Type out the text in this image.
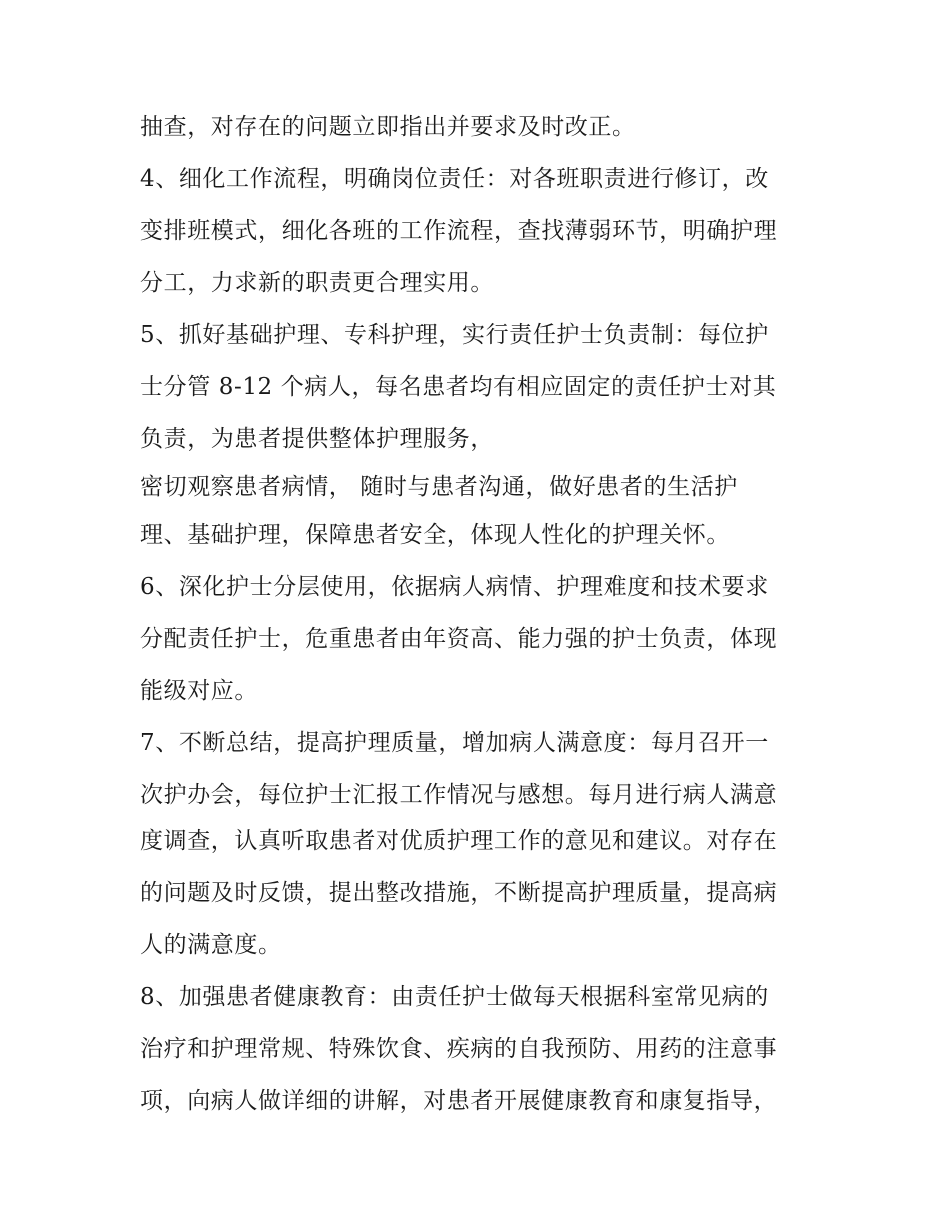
抽查，对存在的问题立即指出并要求及时改正。
4、细化工作流程，明确岗位责任：对各班职责进行修订，改
变排班模式，细化各班的工作流程，查找薄弱环节，明确护理
分工，力求新的职责更合理实用。
5、抓好基础护理、专科护理，实行责任护士负责制：每位护
士分管 8-12 个病人，每名患者均有相应固定的责任护士对其
负责，为患者提供整体护理服务，
密切观察患者病情， 随时与患者沟通，做好患者的生活护
理、基础护理，保障患者安全，体现人性化的护理关怀。
6、深化护士分层使用，依据病人病情、护理难度和技术要求
分配责任护士，危重患者由年资高、能力强的护士负责，体现
能级对应。
7、不断总结，提高护理质量，增加病人满意度：每月召开一
次护办会，每位护士汇报工作情况与感想。每月进行病人满意
度调查，认真听取患者对优质护理工作的意见和建议。对存在
的问题及时反馈，提出整改措施，不断提高护理质量，提高病
人的满意度。
8、加强患者健康教育：由责任护士做每天根据科室常见病的
治疗和护理常规、特殊饮食、疾病的自我预防、用药的注意事
项，向病人做详细的讲解，对患者开展健康教育和康复指导，
